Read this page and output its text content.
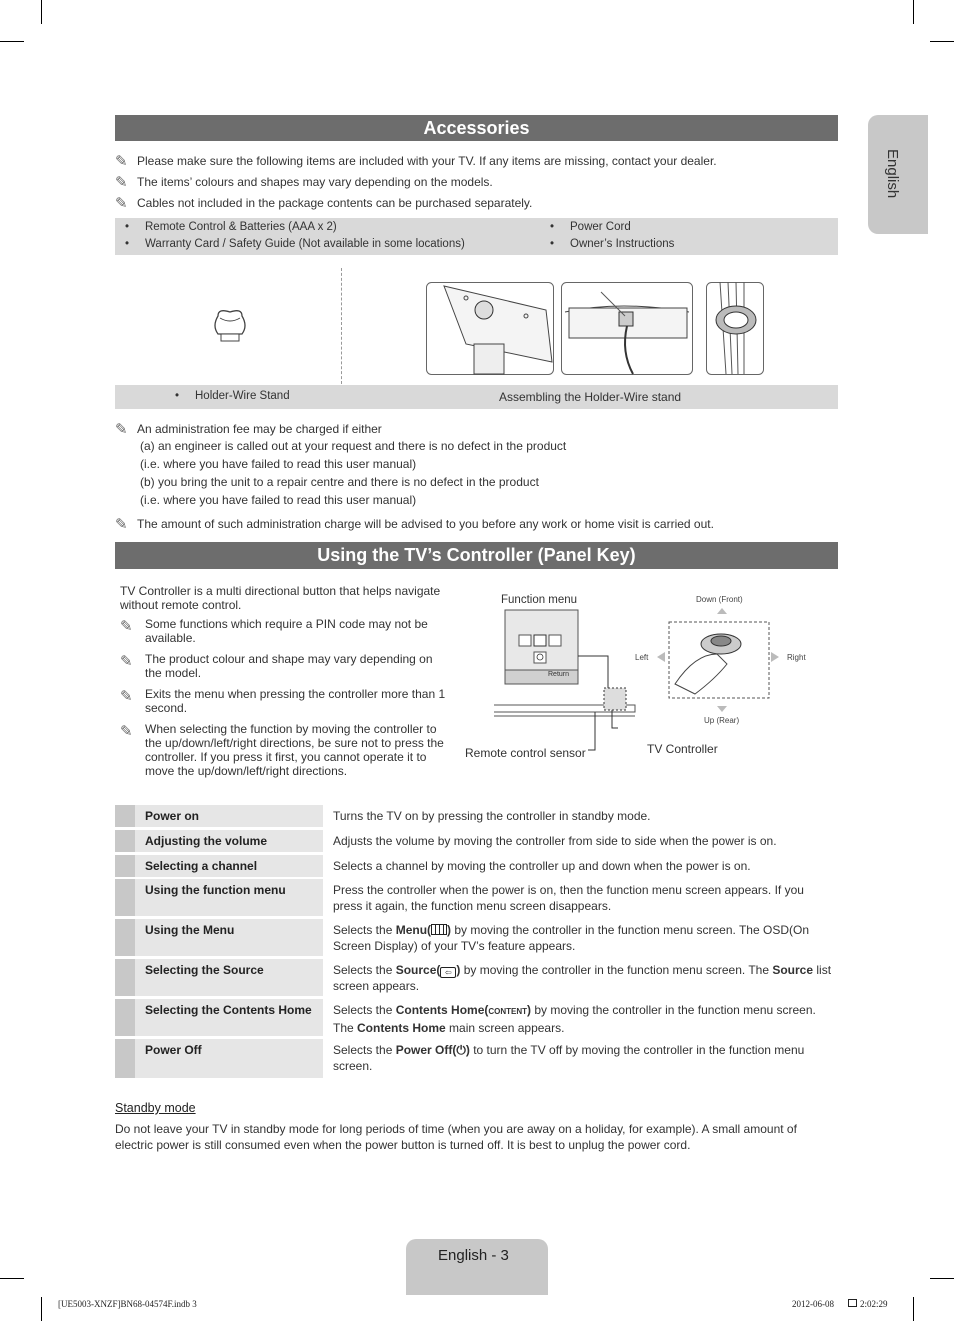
English
Accessories
✎ Please make sure the following items are included with your TV. If any items are missing, contact your dealer.
✎ The items’ colours and shapes may vary depending on the models.
✎ Cables not included in the package contents can be purchased separately.
• Remote Control & Batteries (AAA x 2)
• Warranty Card / Safety Guide (Not available in some locations)
• Power Cord
• Owner’s Instructions
• Holder-Wire Stand	Assembling the Holder-Wire stand
✎ An administration fee may be charged if either
(a) an engineer is called out at your request and there is no defect in the product
(i.e. where you have failed to read this user manual)
(b) you bring the unit to a repair centre and there is no defect in the product
(i.e. where you have failed to read this user manual)
✎ The amount of such administration charge will be advised to you before any work or home visit is carried out.
Using the TV’s Controller (Panel Key)
TV Controller is a multi directional button that helps navigate without remote control.
✎	Some functions which require a PIN code may not be available.
✎	The product colour and shape may vary depending on the model.
✎	Exits the menu when pressing the controller more than 1 second.
✎	When selecting the function by moving the controller to the up/down/left/right directions, be sure not to press the controller. If you press it first, you cannot operate it to move the up/down/left/right directions.
Function menu
Return
Remote control sensor	TV Controller
Down (Front)
Up (Rear)
Left	Right
Power on	Turns the TV on by pressing the controller in standby mode.
Adjusting the volume	Adjusts the volume by moving the controller from side to side when the power is on.
Selecting a channel	Selects a channel by moving the controller up and down when the power is on.
Using the function menu	Press the controller when the power is on, then the function menu screen appears. If you press it again, the function menu screen disappears.
Using the Menu	Selects the Menu( ) by moving the controller in the function menu screen. The OSD(On Screen Display) of your TV’s feature appears.
Selecting the Source	Selects the Source( ⇦ ) by moving the controller in the function menu screen. The Source list screen appears.
Selecting the Contents Home	Selects the Contents Home(CONTENT) by moving the controller in the function menu screen. The Contents Home main screen appears.
Power Off	Selects the Power Off(⏻) to turn the TV off by moving the controller in the function menu screen.
Standby mode
Do not leave your TV in standby mode for long periods of time (when you are away on a holiday, for example). A small amount of electric power is still consumed even when the power button is turned off. It is best to unplug the power cord.
English - 3
[UE5003-XNZF]BN68-04574F.indb 3	2012-06-08	2:02:29
